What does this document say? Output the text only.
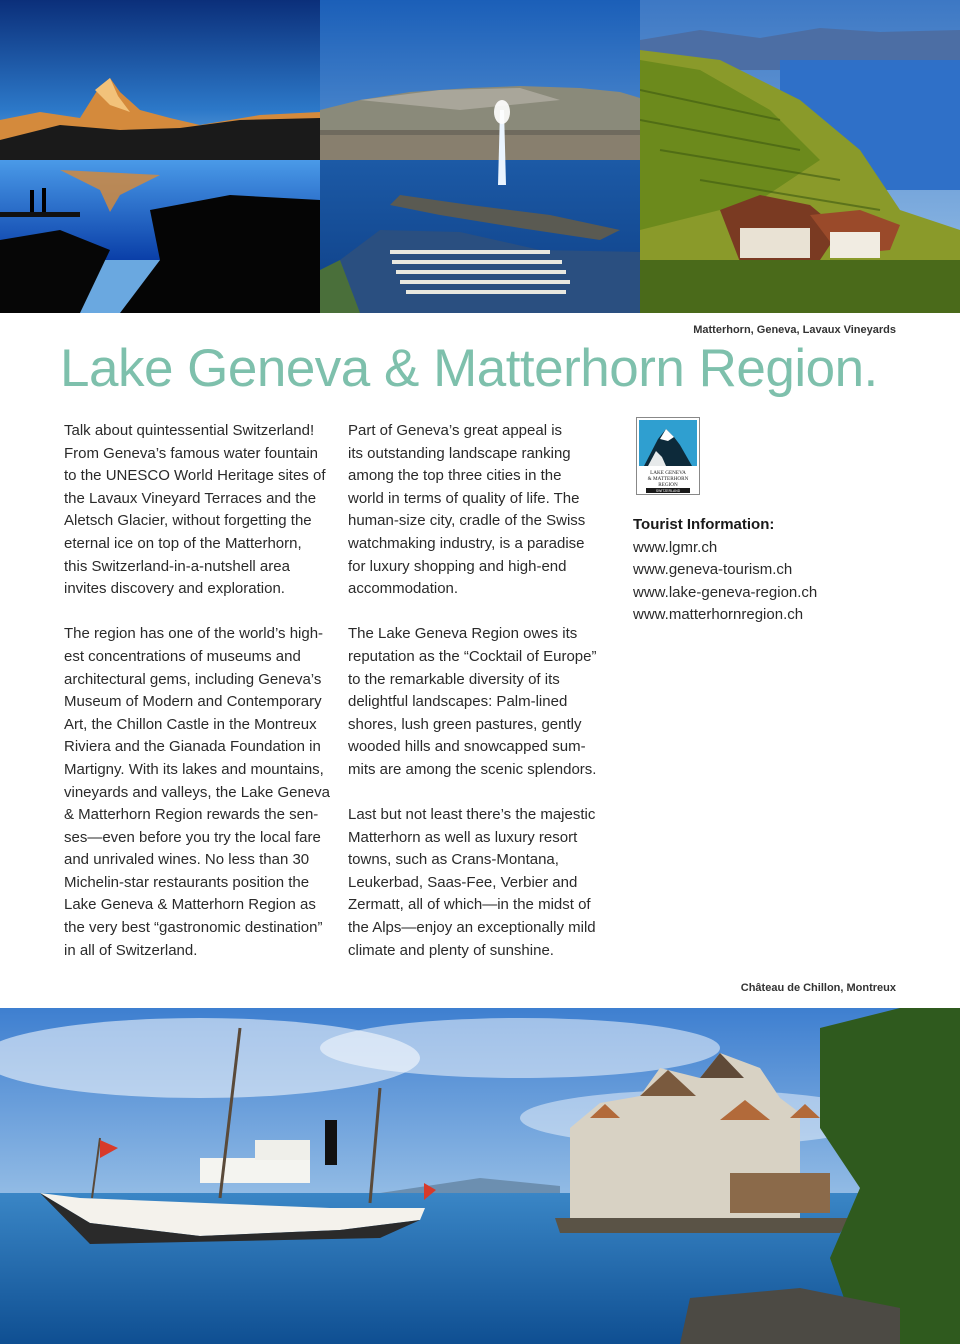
Matterhorn, Geneva, Lavaux Vineyards
Lake Geneva & Matterhorn Region.

Talk about quintessential Switzerland!
From Geneva’s famous water fountain
to the UNESCO World Heritage sites of
the Lavaux Vineyard Terraces and the
Aletsch Glacier, without forgetting the
eternal ice on top of the Matterhorn,
this Switzerland-in-a-nutshell area
invites discovery and exploration.

The region has one of the world’s high-
est concentrations of museums and
architectural gems, including Geneva’s
Museum of Modern and Contemporary
Art, the Chillon Castle in the Montreux
Riviera and the Gianada Foundation in
Martigny. With its lakes and mountains,
vineyards and valleys, the Lake Geneva
& Matterhorn Region rewards the sen-
ses—even before you try the local fare
and unrivaled wines. No less than 30
Michelin-star restaurants position the
Lake Geneva & Matterhorn Region as
the very best “gastronomic destination”
in all of Switzerland.

Part of Geneva’s great appeal is
its outstanding landscape ranking
among the top three cities in the
world in terms of quality of life. The
human-size city, cradle of the Swiss
watchmaking industry, is a paradise
for luxury shopping and high-end
accommodation.

The Lake Geneva Region owes its
reputation as the “Cocktail of Europe”
to the remarkable diversity of its
delightful landscapes: Palm-lined
shores, lush green pastures, gently
wooded hills and snowcapped sum-
mits are among the scenic splendors.

Last but not least there’s the majestic
Matterhorn as well as luxury resort
towns, such as Crans-Montana,
Leukerbad, Saas-Fee, Verbier and
Zermatt, all of which—in the midst of
the Alps—enjoy an exceptionally mild
climate and plenty of sunshine.

LAKE GENEVA
& MATTERHORN
REGION
SWITZERLAND
Tourist Information:
www.lgmr.ch
www.geneva-tourism.ch
www.lake-geneva-region.ch
www.matterhornregion.ch
Château de Chillon, Montreux
